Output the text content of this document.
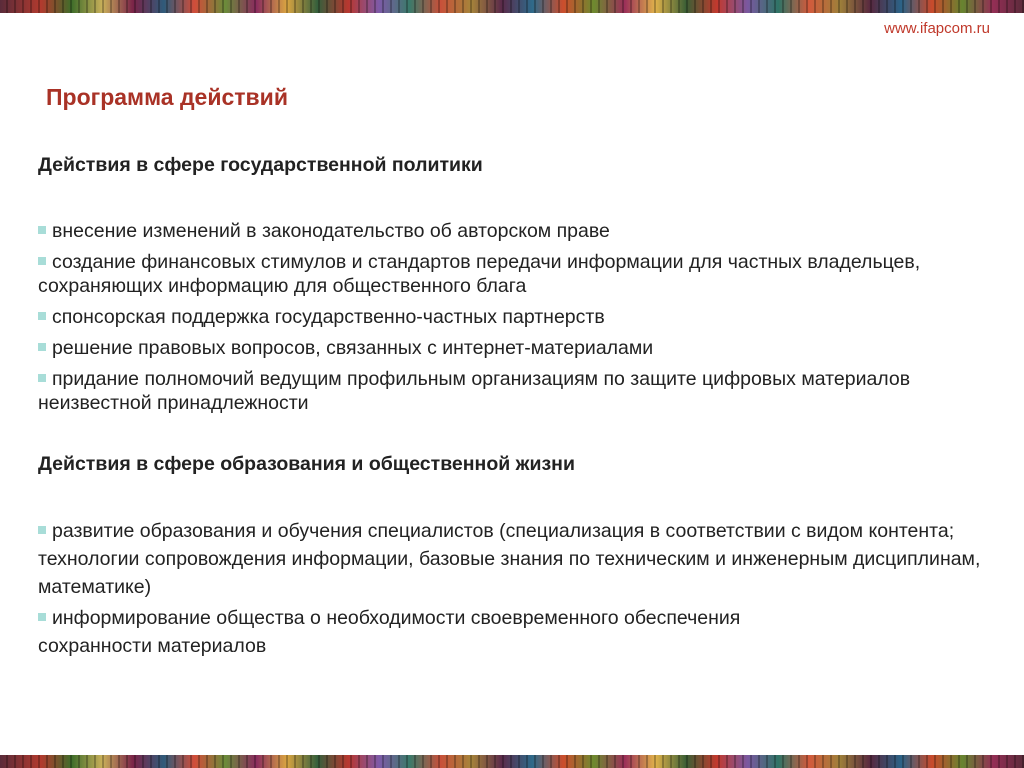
www.ifapcom.ru
Программа действий
Действия в сфере государственной политики
внесение изменений в законодательство об авторском праве
создание финансовых стимулов и стандартов передачи информации для частных владельцев, сохраняющих информацию для общественного блага
спонсорская поддержка государственно-частных партнерств
решение правовых вопросов, связанных с интернет-материалами
придание полномочий ведущим профильным организациям по защите цифровых материалов неизвестной принадлежности
Действия в сфере образования и общественной жизни
развитие образования и обучения специалистов (специализация в соответствии с видом контента; технологии сопровождения информации, базовые знания по техническим и инженерным дисциплинам, математике)
информирование общества о необходимости своевременного обеспечения сохранности материалов
